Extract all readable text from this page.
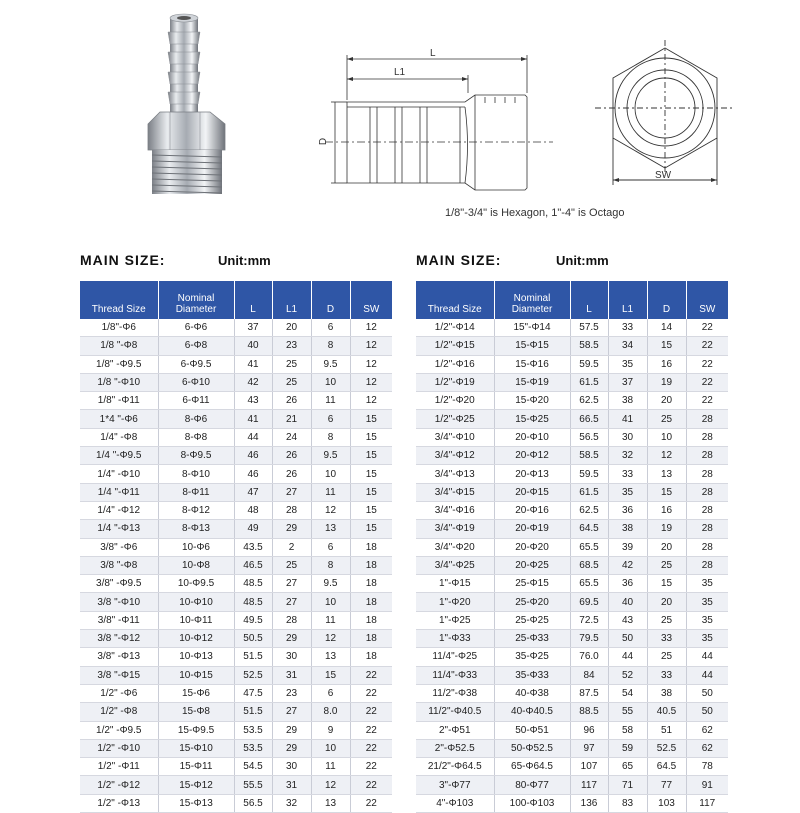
L
L1
D
SW
1/8"-3/4" is Hexagon, 1"-4" is Octago
MAIN SIZE:	Unit:mm	MAIN SIZE:	Unit:mm
Thread Size	Nominal Diameter	L	L1	D	SW
1/8"-Φ6	6-Φ6	37	20	6	12
1/8 "-Φ8	6-Φ8	40	23	8	12
1/8" -Φ9.5	6-Φ9.5	41	25	9.5	12
1/8 "-Φ10	6-Φ10	42	25	10	12
1/8" -Φ11	6-Φ11	43	26	11	12
1*4 "-Φ6	8-Φ6	41	21	6	15
1/4" -Φ8	8-Φ8	44	24	8	15
1/4 "-Φ9.5	8-Φ9.5	46	26	9.5	15
1/4" -Φ10	8-Φ10	46	26	10	15
1/4 "-Φ11	8-Φ11	47	27	11	15
1/4" -Φ12	8-Φ12	48	28	12	15
1/4 "-Φ13	8-Φ13	49	29	13	15
3/8" -Φ6	10-Φ6	43.5	2	6	18
3/8 "-Φ8	10-Φ8	46.5	25	8	18
3/8" -Φ9.5	10-Φ9.5	48.5	27	9.5	18
3/8 "-Φ10	10-Φ10	48.5	27	10	18
3/8" -Φ11	10-Φ11	49.5	28	11	18
3/8 "-Φ12	10-Φ12	50.5	29	12	18
3/8" -Φ13	10-Φ13	51.5	30	13	18
3/8 "-Φ15	10-Φ15	52.5	31	15	22
1/2" -Φ6	15-Φ6	47.5	23	6	22
1/2" -Φ8	15-Φ8	51.5	27	8.0	22
1/2" -Φ9.5	15-Φ9.5	53.5	29	9	22
1/2" -Φ10	15-Φ10	53.5	29	10	22
1/2" -Φ11	15-Φ11	54.5	30	11	22
1/2" -Φ12	15-Φ12	55.5	31	12	22
1/2" -Φ13	15-Φ13	56.5	32	13	22
Thread Size	Nominal Diameter	L	L1	D	SW
1/2"-Φ14	15"-Φ14	57.5	33	14	22
1/2"-Φ15	15-Φ15	58.5	34	15	22
1/2"-Φ16	15-Φ16	59.5	35	16	22
1/2"-Φ19	15-Φ19	61.5	37	19	22
1/2"-Φ20	15-Φ20	62.5	38	20	22
1/2"-Φ25	15-Φ25	66.5	41	25	28
3/4"-Φ10	20-Φ10	56.5	30	10	28
3/4"-Φ12	20-Φ12	58.5	32	12	28
3/4"-Φ13	20-Φ13	59.5	33	13	28
3/4"-Φ15	20-Φ15	61.5	35	15	28
3/4"-Φ16	20-Φ16	62.5	36	16	28
3/4"-Φ19	20-Φ19	64.5	38	19	28
3/4"-Φ20	20-Φ20	65.5	39	20	28
3/4"-Φ25	20-Φ25	68.5	42	25	28
1"-Φ15	25-Φ15	65.5	36	15	35
1"-Φ20	25-Φ20	69.5	40	20	35
1"-Φ25	25-Φ25	72.5	43	25	35
1"-Φ33	25-Φ33	79.5	50	33	35
11/4"-Φ25	35-Φ25	76.0	44	25	44
11/4"-Φ33	35-Φ33	84	52	33	44
11/2"-Φ38	40-Φ38	87.5	54	38	50
11/2"-Φ40.5	40-Φ40.5	88.5	55	40.5	50
2"-Φ51	50-Φ51	96	58	51	62
2"-Φ52.5	50-Φ52.5	97	59	52.5	62
21/2"-Φ64.5	65-Φ64.5	107	65	64.5	78
3"-Φ77	80-Φ77	117	71	77	91
4"-Φ103	100-Φ103	136	83	103	117
